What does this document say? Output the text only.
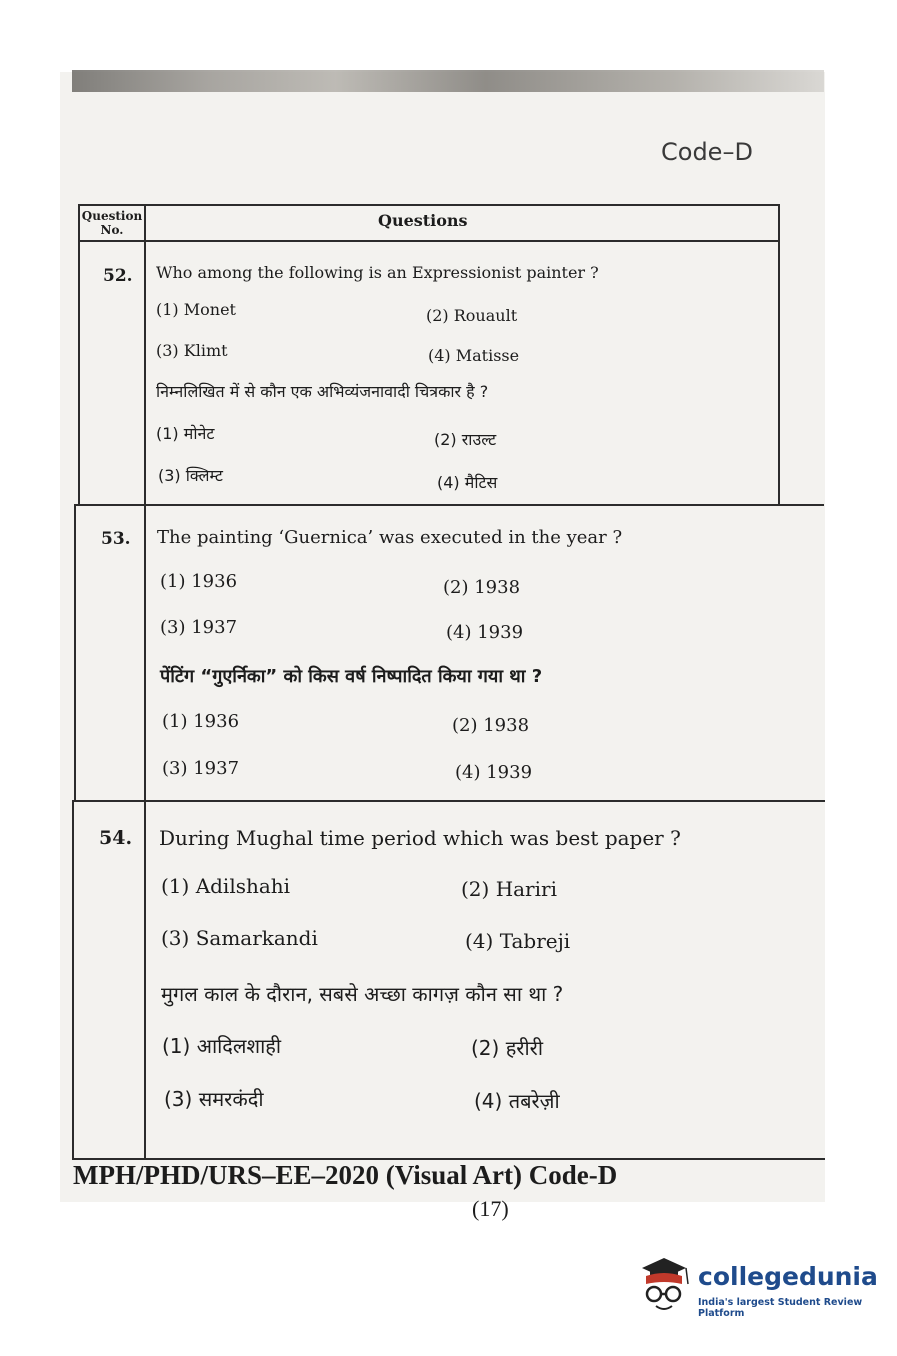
Code–D
Question No.	Questions
52. Who among the following is an Expressionist painter ?
(1) Monet	(2) Rouault
(3) Klimt	(4) Matisse
निम्नलिखित में से कौन एक अभिव्यंजनावादी चित्रकार है ?
(1) मोनेट	(2) राउल्ट
(3) क्लिम्ट	(4) मैटिस
53. The painting ‘Guernica’ was executed in the year ?
(1) 1936	(2) 1938
(3) 1937	(4) 1939
पेंटिंग “गुएर्निका” को किस वर्ष निष्पादित किया गया था ?
(1) 1936	(2) 1938
(3) 1937	(4) 1939
54. During Mughal time period which was best paper ?
(1) Adilshahi	(2) Hariri
(3) Samarkandi	(4) Tabreji
मुगल काल के दौरान, सबसे अच्छा कागज़ कौन सा था ?
(1) आदिलशाही	(2) हरीरी
(3) समरकंदी	(4) तबरेज़ी
MPH/PHD/URS–EE–2020 (Visual Art) Code-D
(17)
collegedunia
India's largest Student Review Platform
